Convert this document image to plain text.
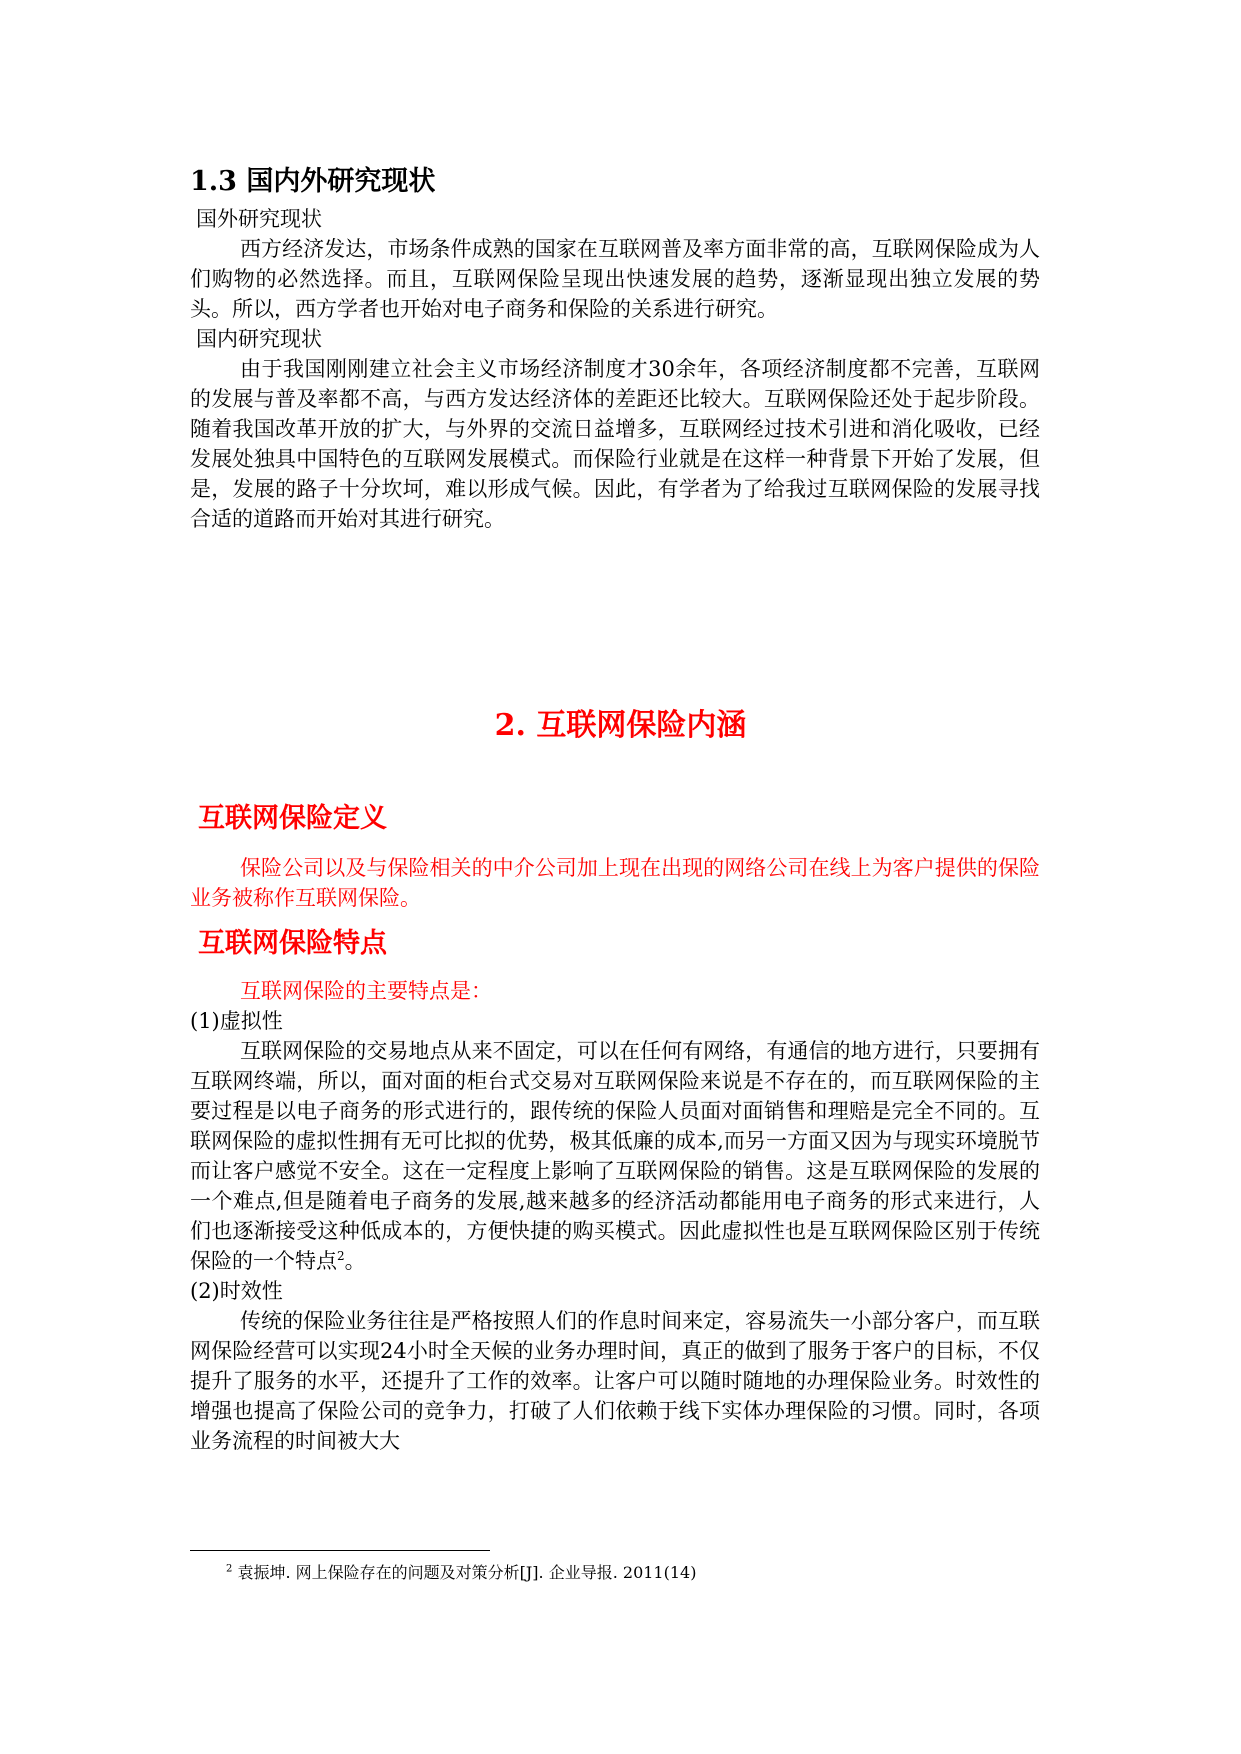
1.3 国内外研究现状

国外研究现状

西方经济发达，市场条件成熟的国家在互联网普及率方面非常的高，互联网保险成为人们购物的必然选择。而且，互联网保险呈现出快速发展的趋势，逐渐显现出独立发展的势头。所以，西方学者也开始对电子商务和保险的关系进行研究。

国内研究现状

由于我国刚刚建立社会主义市场经济制度才30余年，各项经济制度都不完善，互联网的发展与普及率都不高，与西方发达经济体的差距还比较大。互联网保险还处于起步阶段。随着我国改革开放的扩大，与外界的交流日益增多，互联网经过技术引进和消化吸收，已经发展处独具中国特色的互联网发展模式。而保险行业就是在这样一种背景下开始了发展，但是，发展的路子十分坎坷，难以形成气候。因此，有学者为了给我过互联网保险的发展寻找合适的道路而开始对其进行研究。

2. 互联网保险内涵
互联网保险定义

保险公司以及与保险相关的中介公司加上现在出现的网络公司在线上为客户提供的保险业务被称作互联网保险。

互联网保险特点

互联网保险的主要特点是：

(1)虚拟性

互联网保险的交易地点从来不固定，可以在任何有网络，有通信的地方进行，只要拥有互联网终端，所以，面对面的柜台式交易对互联网保险来说是不存在的，而互联网保险的主要过程是以电子商务的形式进行的，跟传统的保险人员面对面销售和理赔是完全不同的。互联网保险的虚拟性拥有无可比拟的优势，极其低廉的成本,而另一方面又因为与现实环境脱节而让客户感觉不安全。这在一定程度上影响了互联网保险的销售。这是互联网保险的发展的一个难点,但是随着电子商务的发展,越来越多的经济活动都能用电子商务的形式来进行，人们也逐渐接受这种低成本的，方便快捷的购买模式。因此虚拟性也是互联网保险区别于传统保险的一个特点$^2$。

(2)时效性

传统的保险业务往往是严格按照人们的作息时间来定，容易流失一小部分客户，而互联网保险经营可以实现24小时全天候的业务办理时间，真正的做到了服务于客户的目标，不仅提升了服务的水平，还提升了工作的效率。让客户可以随时随地的办理保险业务。时效性的增强也提高了保险公司的竞争力，打破了人们依赖于线下实体办理保险的习惯。同时，各项业务流程的时间被大大

$^2$ 袁振坤. 网上保险存在的问题及对策分析[J]. 企业导报. 2011(14)
